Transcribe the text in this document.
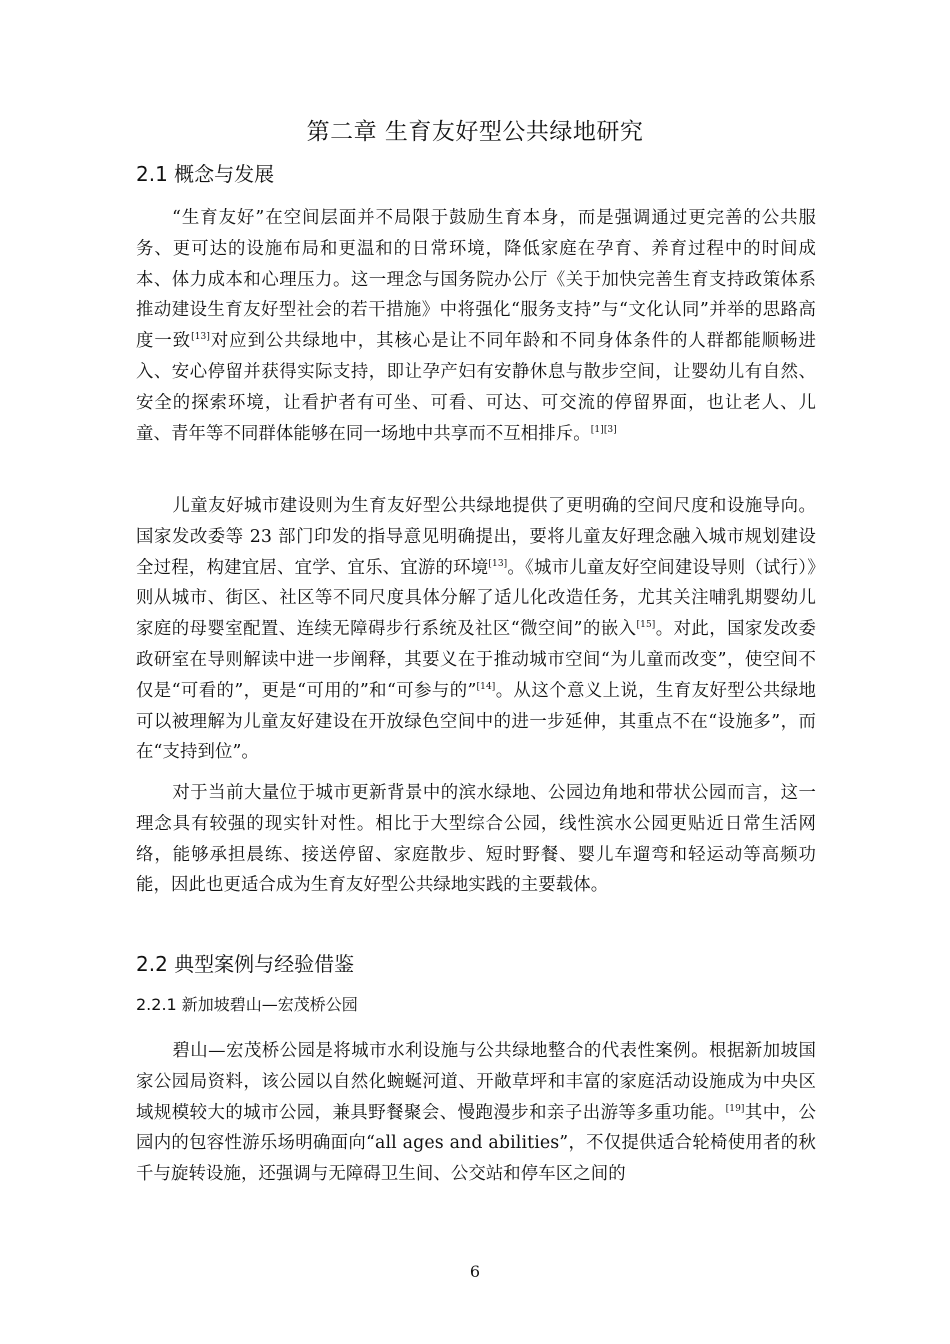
第二章 生育友好型公共绿地研究
2.1 概念与发展

“生育友好”在空间层面并不局限于鼓励生育本身，而是强调通过更完善的公共服务、更可达的设施布局和更温和的日常环境，降低家庭在孕育、养育过程中的时间成本、体力成本和心理压力。这一理念与国务院办公厅《关于加快完善生育支持政策体系推动建设生育友好型社会的若干措施》中将强化“服务支持”与“文化认同”并举的思路高度一致[13]对应到公共绿地中，其核心是让不同年龄和不同身体条件的人群都能顺畅进入、安心停留并获得实际支持，即让孕产妇有安静休息与散步空间，让婴幼儿有自然、安全的探索环境，让看护者有可坐、可看、可达、可交流的停留界面，也让老人、儿童、青年等不同群体能够在同一场地中共享而不互相排斥。[1][3]

儿童友好城市建设则为生育友好型公共绿地提供了更明确的空间尺度和设施导向。国家发改委等 23 部门印发的指导意见明确提出，要将儿童友好理念融入城市规划建设全过程，构建宜居、宜学、宜乐、宜游的环境[13]。《城市儿童友好空间建设导则（试行）》则从城市、街区、社区等不同尺度具体分解了适儿化改造任务，尤其关注哺乳期婴幼儿家庭的母婴室配置、连续无障碍步行系统及社区“微空间”的嵌入[15]。对此，国家发改委政研室在导则解读中进一步阐释，其要义在于推动城市空间“为儿童而改变”，使空间不仅是“可看的”，更是“可用的”和“可参与的”[14]。从这个意义上说，生育友好型公共绿地可以被理解为儿童友好建设在开放绿色空间中的进一步延伸，其重点不在“设施多”，而在“支持到位”。

对于当前大量位于城市更新背景中的滨水绿地、公园边角地和带状公园而言，这一理念具有较强的现实针对性。相比于大型综合公园，线性滨水公园更贴近日常生活网络，能够承担晨练、接送停留、家庭散步、短时野餐、婴儿车遛弯和轻运动等高频功能，因此也更适合成为生育友好型公共绿地实践的主要载体。

2.2 典型案例与经验借鉴
2.2.1 新加坡碧山—宏茂桥公园

碧山—宏茂桥公园是将城市水利设施与公共绿地整合的代表性案例。根据新加坡国家公园局资料，该公园以自然化蜿蜒河道、开敞草坪和丰富的家庭活动设施成为中央区域规模较大的城市公园，兼具野餐聚会、慢跑漫步和亲子出游等多重功能。[19]其中，公园内的包容性游乐场明确面向“all ages and abilities”，不仅提供适合轮椅使用者的秋千与旋转设施，还强调与无障碍卫生间、公交站和停车区之间的

6
